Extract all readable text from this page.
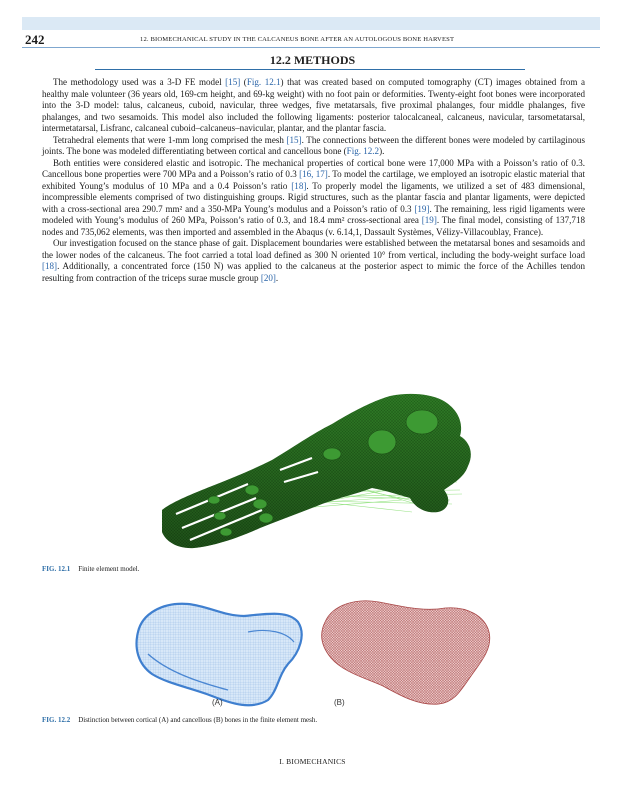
242	12. BIOMECHANICAL STUDY IN THE CALCANEUS BONE AFTER AN AUTOLOGOUS BONE HARVEST
12.2 METHODS

The methodology used was a 3-D FE model [15] (Fig. 12.1) that was created based on computed tomography (CT) images obtained from a healthy male volunteer (36 years old, 169-cm height, and 69-kg weight) with no foot pain or deformities. Twenty-eight foot bones were incorporated into the 3-D model: talus, calcaneus, cuboid, navicular, three wedges, five metatarsals, five proximal phalanges, four middle phalanges, five phalanges, and two sesamoids. This model also included the following ligaments: posterior talocalcaneal, calcaneus, navicular, tarsometatarsal, intermetatarsal, Lisfranc, calcaneal cuboid–calcaneus–navicular, plantar, and the plantar fascia.

Tetrahedral elements that were 1-mm long comprised the mesh [15]. The connections between the different bones were modeled by cartilaginous joints. The bone was modeled differentiating between cortical and cancellous bone (Fig. 12.2).

Both entities were considered elastic and isotropic. The mechanical properties of cortical bone were 17,000 MPa with a Poisson’s ratio of 0.3. Cancellous bone properties were 700 MPa and a Poisson’s ratio of 0.3 [16, 17]. To model the cartilage, we employed an isotropic elastic material that exhibited Young’s modulus of 10 MPa and a 0.4 Poisson’s ratio [18]. To properly model the ligaments, we utilized a set of 483 dimensional, incompressible elements comprised of two distinguishing groups. Rigid structures, such as the plantar fascia and plantar ligaments, were depicted with a cross-sectional area 290.7 mm² and a 350-MPa Young’s modulus and a Poisson’s ratio of 0.3 [19]. The remaining, less rigid ligaments were modeled with Young’s modulus of 260 MPa, Poisson’s ratio of 0.3, and 18.4 mm² cross-sectional area [19]. The final model, consisting of 137,718 nodes and 735,062 elements, was then imported and assembled in the Abaqus (v. 6.14,1, Dassault Systèmes, Vélizy-Villacoublay, France).

Our investigation focused on the stance phase of gait. Displacement boundaries were established between the metatarsal bones and sesamoids and the lower nodes of the calcaneus. The foot carried a total load defined as 300 N oriented 10° from vertical, including the body-weight surface load [18]. Additionally, a concentrated force (150 N) was applied to the calcaneus at the posterior aspect to mimic the force of the Achilles tendon resulting from contraction of the triceps surae muscle group [20].

FIG. 12.1 Finite element model.
(A)	(B)
FIG. 12.2 Distinction between cortical (A) and cancellous (B) bones in the finite element mesh.
I. BIOMECHANICS
